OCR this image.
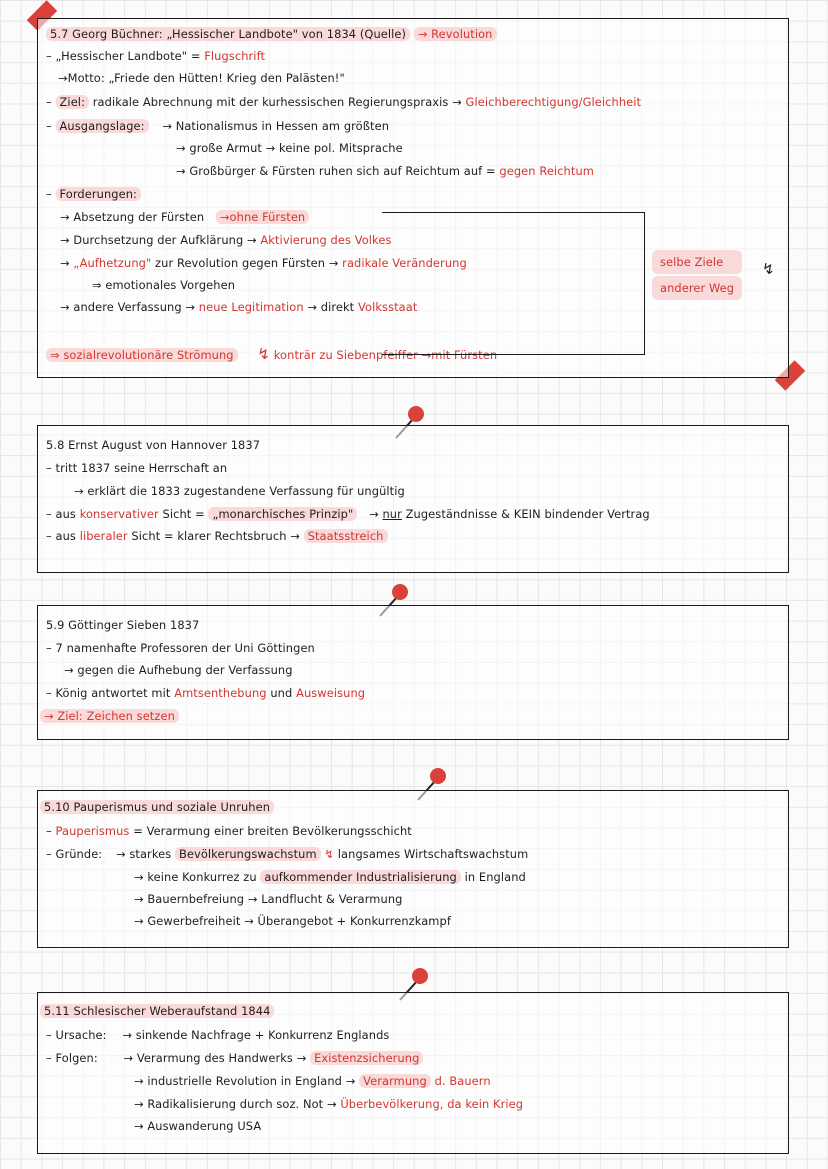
5.7 Georg Büchner: „Hessischer Landbote" von 1834 (Quelle) → Revolution
– „Hessischer Landbote" = Flugschrift
→Motto: „Friede den Hütten! Krieg den Palästen!"
– Ziel: radikale Abrechnung mit der kurhessischen Regierungspraxis → Gleichberechtigung/Gleichheit
– Ausgangslage: → Nationalismus in Hessen am größten
→ große Armut → keine pol. Mitsprache
→ Großbürger & Fürsten ruhen sich auf Reichtum auf = gegen Reichtum
– Forderungen:
→ Absetzung der Fürsten →ohne Fürsten
→ Durchsetzung der Aufklärung → Aktivierung des Volkes
→ „Aufhetzung" zur Revolution gegen Fürsten → radikale Veränderung
⇒ emotionales Vorgehen
→ andere Verfassung → neue Legitimation → direkt Volksstaat
⇒ sozialrevolutionäre Strömung ↯ konträr zu Siebenpfeiffer →mit Fürsten
selbe Ziele
anderer Weg
↯
5.8 Ernst August von Hannover 1837
– tritt 1837 seine Herrschaft an
→ erklärt die 1833 zugestandene Verfassung für ungültig
– aus konservativer Sicht = „monarchisches Prinzip" → nur Zugeständnisse & KEIN bindender Vertrag
– aus liberaler Sicht = klarer Rechtsbruch → Staatsstreich
5.9 Göttinger Sieben 1837
– 7 namenhafte Professoren der Uni Göttingen
→ gegen die Aufhebung der Verfassung
– König antwortet mit Amtsenthebung und Ausweisung
→ Ziel: Zeichen setzen
5.10 Pauperismus und soziale Unruhen
– Pauperismus = Verarmung einer breiten Bevölkerungsschicht
– Gründe: → starkes Bevölkerungswachstum ↯ langsames Wirtschaftswachstum
→ keine Konkurrez zu aufkommender Industrialisierung in England
→ Bauernbefreiung → Landflucht & Verarmung
→ Gewerbefreiheit → Überangebot + Konkurrenzkampf
5.11 Schlesischer Weberaufstand 1844
– Ursache: → sinkende Nachfrage + Konkurrenz Englands
– Folgen: → Verarmung des Handwerks → Existenzsicherung
→ industrielle Revolution in England → Verarmung d. Bauern
→ Radikalisierung durch soz. Not → Überbevölkerung, da kein Krieg
→ Auswanderung USA
